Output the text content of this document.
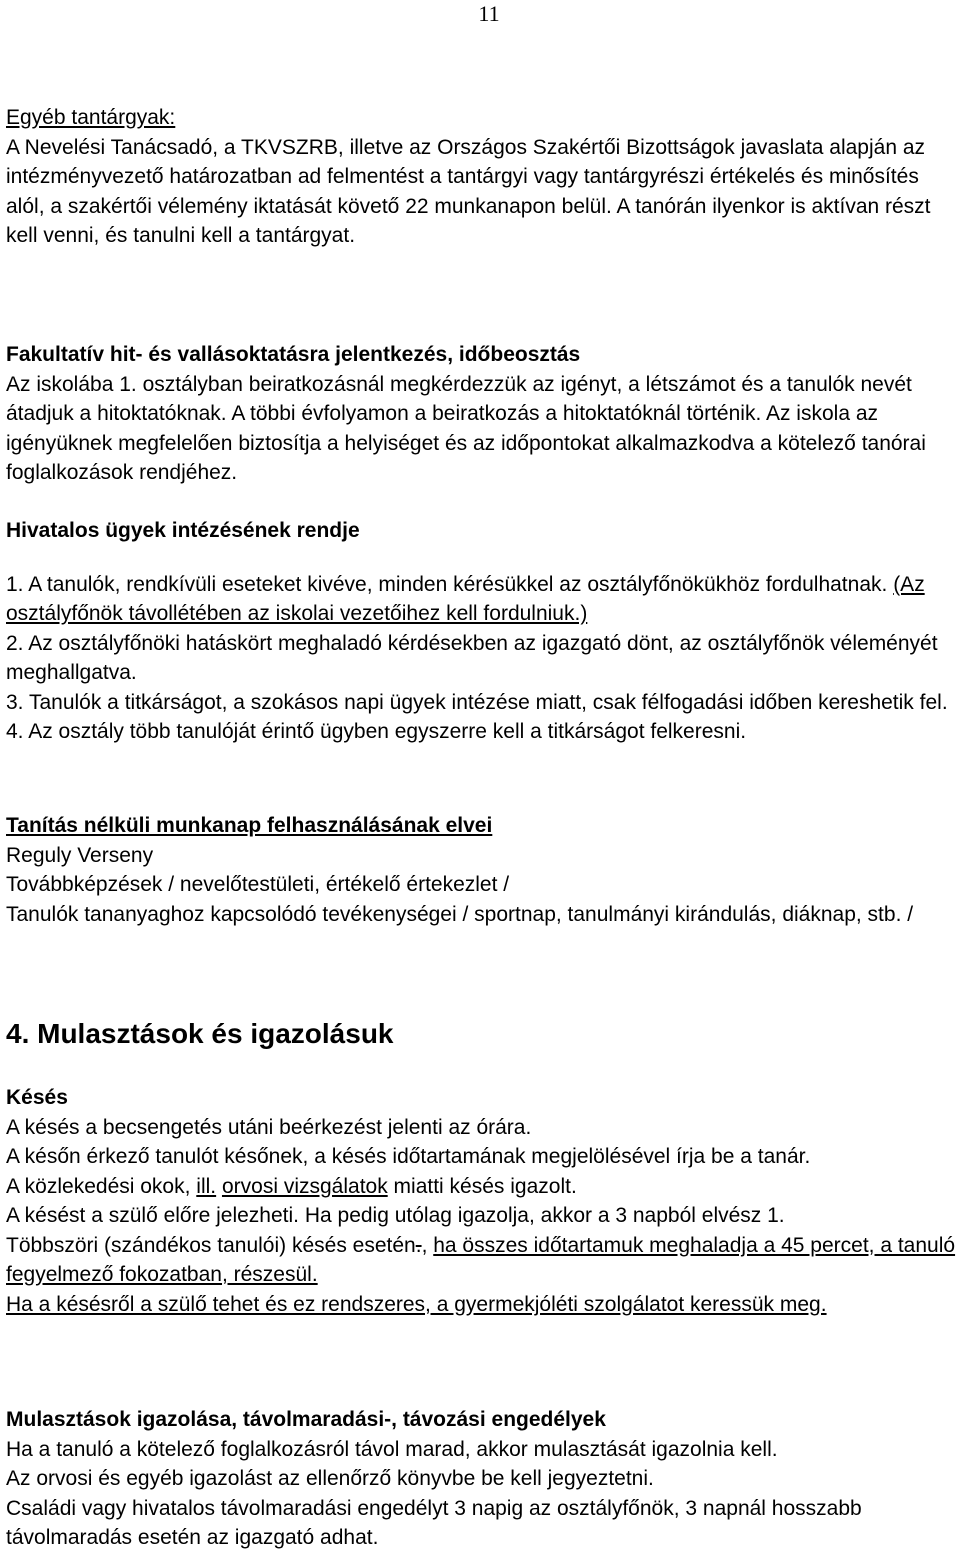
11

Egyéb tantárgyak:

A Nevelési Tanácsadó, a TKVSZRB, illetve az Országos Szakértői Bizottságok javaslata alapján az intézményvezető határozatban ad felmentést a tantárgyi vagy tantárgyrészi értékelés és minősítés alól, a szakértői vélemény iktatását követő 22 munkanapon belül. A tanórán ilyenkor is aktívan részt kell venni, és tanulni kell a tantárgyat.

Fakultatív hit- és vallásoktatásra jelentkezés, időbeosztás

Az iskolába 1. osztályban beiratkozásnál megkérdezzük az igényt, a létszámot és a tanulók nevét átadjuk a hitoktatóknak. A többi évfolyamon a beiratkozás a hitoktatóknál történik. Az iskola az igényüknek megfelelően biztosítja a helyiséget és az időpontokat alkalmazkodva a kötelező tanórai foglalkozások rendjéhez.

Hivatalos ügyek intézésének rendje

1. A tanulók, rendkívüli eseteket kivéve, minden kérésükkel az osztályfőnökükhöz fordulhatnak. (Az osztályfőnök távollétében az iskolai vezetőihez kell fordulniuk.)

2. Az osztályfőnöki hatáskört meghaladó kérdésekben az igazgató dönt, az osztályfőnök véleményét meghallgatva.

3. Tanulók a titkárságot, a szokásos napi ügyek intézése miatt, csak félfogadási időben kereshetik fel.

4. Az osztály több tanulóját érintő ügyben egyszerre kell a titkárságot felkeresni.

Tanítás nélküli munkanap felhasználásának elvei

Reguly Verseny

Továbbképzések / nevelőtestületi, értékelő értekezlet /

Tanulók tananyaghoz kapcsolódó tevékenységei / sportnap, tanulmányi kirándulás, diáknap, stb. /

4. Mulasztások és igazolásuk

Késés

A késés a becsengetés utáni beérkezést jelenti az órára.

A későn érkező tanulót későnek, a késés időtartamának megjelölésével írja be a tanár.

A közlekedési okok, ill. orvosi vizsgálatok miatti késés igazolt.

A késést a szülő előre jelezheti. Ha pedig utólag igazolja, akkor a 3 napból elvész 1.

Többszöri (szándékos tanulói) késés esetén., ha összes időtartamuk meghaladja a 45 percet, a tanuló fegyelmező fokozatban, részesül.

Ha a késésről a szülő tehet és ez rendszeres, a gyermekjóléti szolgálatot keressük meg.

Mulasztások igazolása, távolmaradási-, távozási engedélyek

Ha a tanuló a kötelező foglalkozásról távol marad, akkor mulasztását igazolnia kell.

Az orvosi és egyéb igazolást az ellenőrző könyvbe be kell jegyeztetni.

Családi vagy hivatalos távolmaradási engedélyt 3 napig az osztályfőnök, 3 napnál hosszabb távolmaradás esetén az igazgató adhat.
